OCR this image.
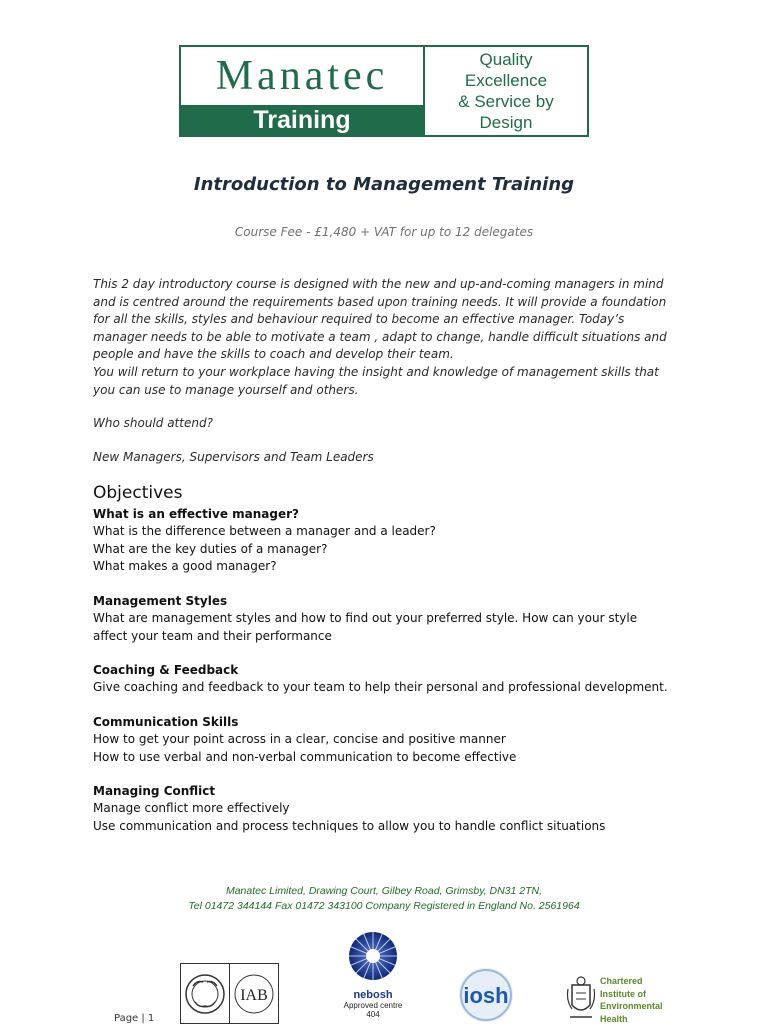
Manatec
Training
Quality
Excellence
& Service by
Design
Introduction to Management Training
Course Fee - £1,480 + VAT for up to 12 delegates

This 2 day introductory course is designed with the new and up-and-coming managers in mind and is centred around the requirements based upon training needs. It will provide a foundation for all the skills, styles and behaviour required to become an effective manager. Today’s manager needs to be able to motivate a team , adapt to change, handle difficult situations and people and have the skills to coach and develop their team.

You will return to your workplace having the insight and knowledge of management skills that you can use to manage yourself and others.

Who should attend?
New Managers, Supervisors and Team Leaders
Objectives
What is an effective manager?
What is the difference between a manager and a leader?
What are the key duties of a manager?
What makes a good manager?
Management Styles
What are management styles and how to find out your preferred style. How can your style affect your team and their performance
Coaching & Feedback
Give coaching and feedback to your team to help their personal and professional development.
Communication Skills
How to get your point across in a clear, concise and positive manner
How to use verbal and non-verbal communication to become effective
Managing Conflict
Manage conflict more effectively
Use communication and process techniques to allow you to handle conflict situations
Manatec Limited, Drawing Court, Gilbey Road, Grimsby, DN31 2TN,
Tel 01472 344144 Fax 01472 343100 Company Registered in England No. 2561964
IAB	nebosh
Approved centre
404
iosh
Chartered
Institute of
Environmental
Health
Page | 1
